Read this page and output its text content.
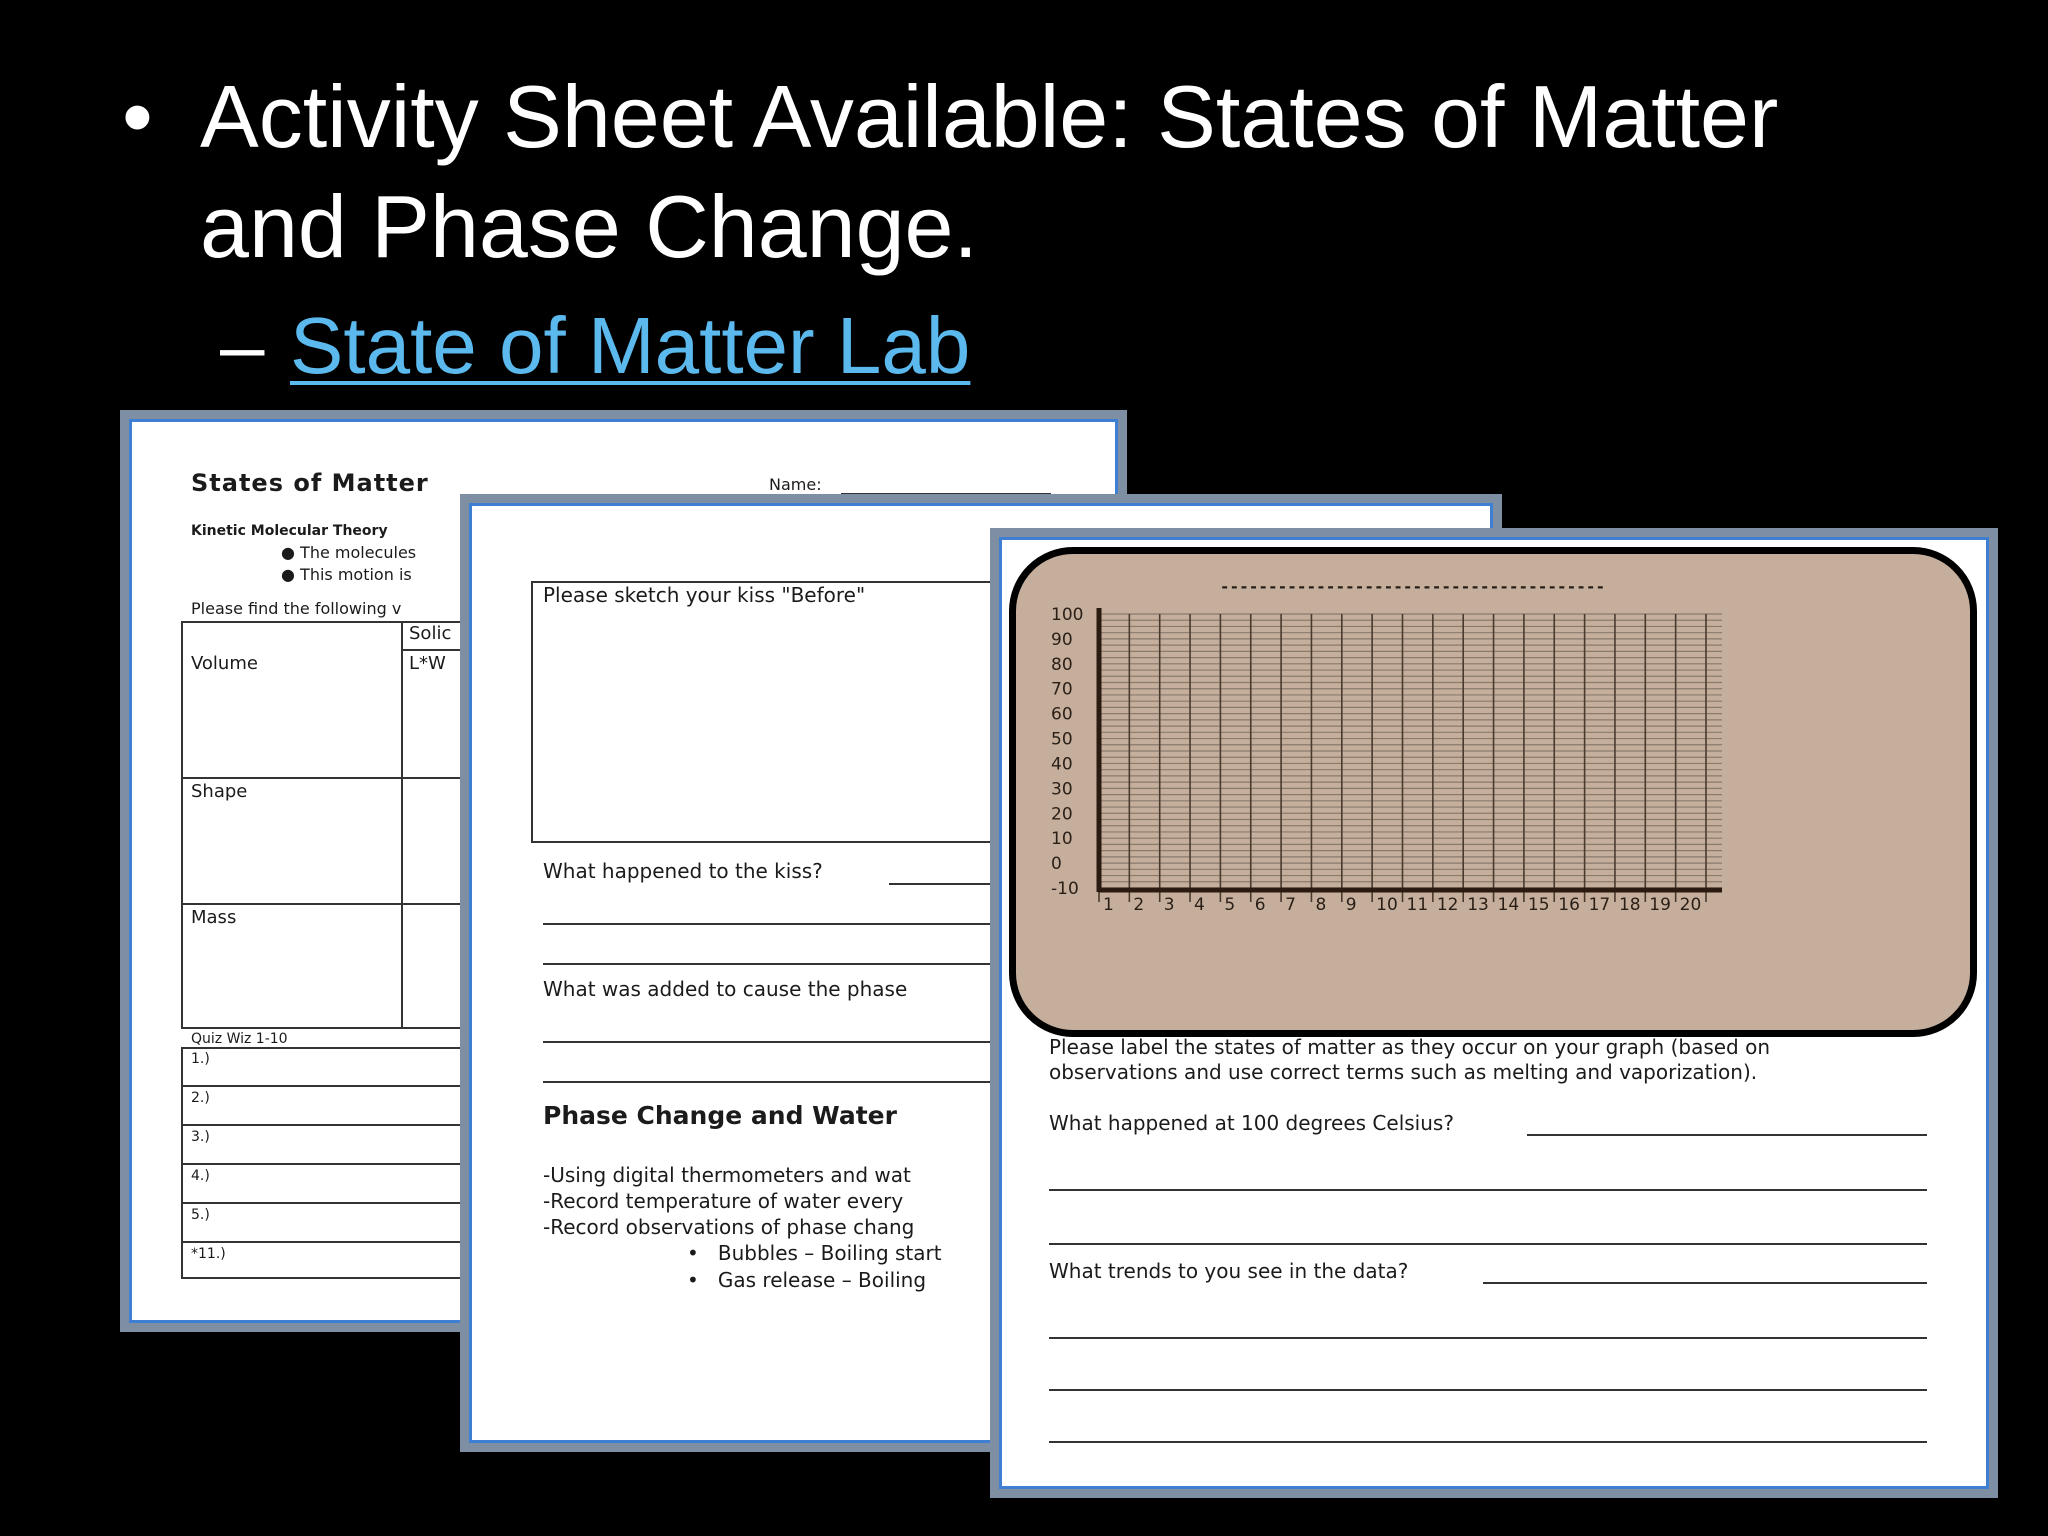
• Activity Sheet Available: States of Matter
and Phase Change.
– State of Matter Lab
States of Matter	Name:
Kinetic Molecular Theory
● The molecules
● This motion is
Please find the following v
Solic
L*W
Volume
Shape
Mass
Quiz Wiz 1-10
1.)
2.)
3.)
4.)
5.)
*11.)
Please sketch your kiss "Before"
What happened to the kiss?
What was added to cause the phase
Phase Change and Water
-Using digital thermometers and wat
-Record temperature of water every
-Record observations of phase chang
•   Bubbles – Boiling start
•   Gas release – Boiling
----------------------------------------
100
90
80
70
60
50
40
30
20
10
0
-10
1 2 3 4 5 6 7 8 9 10 11 12 13 14 15 16 17 18 19 20
Please label the states of matter as they occur on your graph (based on
observations and use correct terms such as melting and vaporization).
What happened at 100 degrees Celsius?
What trends to you see in the data?
